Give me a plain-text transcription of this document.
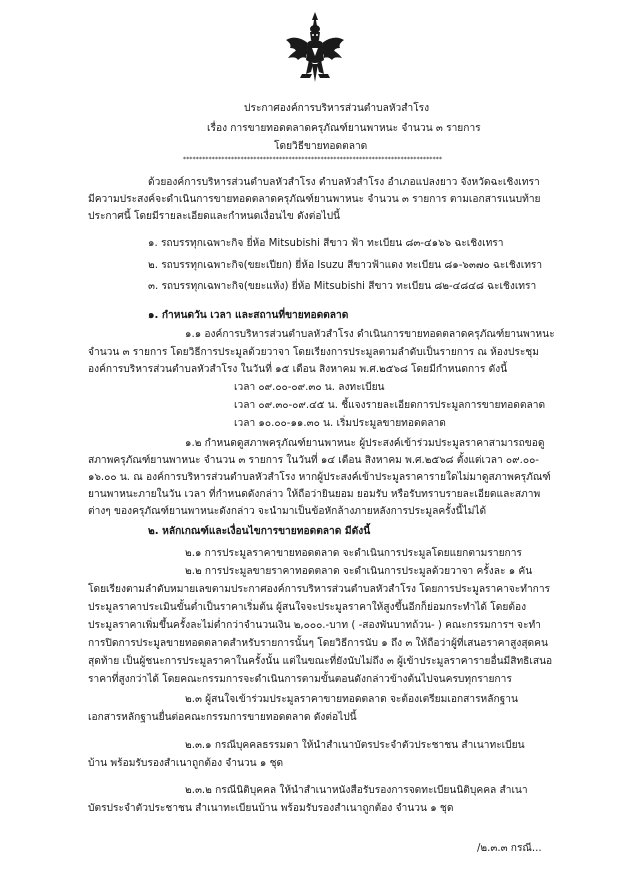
ประกาศองค์การบริหารส่วนตำบลหัวสำโรง
เรื่อง การขายทอดตลาดครุภัณฑ์ยานพาหนะ จำนวน ๓ รายการ
โดยวิธีขายทอดตลาด
*********************************************************************************
ด้วยองค์การบริหารส่วนตำบลหัวสำโรง ตำบลหัวสำโรง อำเภอแปลงยาว จังหวัดฉะเชิงเทรา
มีความประสงค์จะดำเนินการขายทอดตลาดครุภัณฑ์ยานพาหนะ จำนวน ๓ รายการ ตามเอกสารแนบท้าย
ประกาศนี้ โดยมีรายละเอียดและกำหนดเงื่อนไข ดังต่อไปนี้
๑. รถบรรทุกเฉพาะกิจ ยี่ห้อ Mitsubishi สีขาว ฟ้า ทะเบียน ๘๓-๔๑๖๖ ฉะเชิงเทรา
๒. รถบรรทุกเฉพาะกิจ(ขยะเปียก) ยี่ห้อ Isuzu สีขาวฟ้าแดง ทะเบียน ๘๑-๖๓๗๐ ฉะเชิงเทรา
๓. รถบรรทุกเฉพาะกิจ(ขยะแห้ง) ยี่ห้อ Mitsubishi สีขาว ทะเบียน ๘๒-๔๘๔๘ ฉะเชิงเทรา
๑. กำหนดวัน เวลา และสถานที่ขายทอดตลาด
๑.๑ องค์การบริหารส่วนตำบลหัวสำโรง ดำเนินการขายทอดตลาดครุภัณฑ์ยานพาหนะ
จำนวน ๓ รายการ โดยวิธีการประมูลด้วยวาจา โดยเรียงการประมูลตามลำดับเป็นรายการ ณ ห้องประชุม
องค์การบริหารส่วนตำบลหัวสำโรง ในวันที่ ๑๕ เดือน สิงหาคม พ.ศ.๒๕๖๘ โดยมีกำหนดการ ดังนี้
เวลา ๐๙.๐๐-๐๙.๓๐ น. ลงทะเบียน
เวลา ๐๙.๓๐-๐๙.๔๕ น. ชี้แจงรายละเอียดการประมูลการขายทอดตลาด
เวลา ๑๐.๐๐-๑๑.๓๐ น. เริ่มประมูลขายทอดตลาด
๑.๒ กำหนดดูสภาพครุภัณฑ์ยานพาหนะ ผู้ประสงค์เข้าร่วมประมูลราคาสามารถขอดู
สภาพครุภัณฑ์ยานพาหนะ จำนวน ๓ รายการ ในวันที่ ๑๔ เดือน สิงหาคม พ.ศ.๒๕๖๘ ตั้งแต่เวลา ๐๙.๐๐-
๑๖.๐๐ น. ณ องค์การบริหารส่วนตำบลหัวสำโรง หากผู้ประสงค์เข้าประมูลราคารายใดไม่มาดูสภาพครุภัณฑ์
ยานพาหนะภายในวัน เวลา ที่กำหนดดังกล่าว ให้ถือว่ายินยอม ยอมรับ หรือรับทราบรายละเอียดและสภาพ
ต่างๆ ของครุภัณฑ์ยานพาหนะดังกล่าว จะนำมาเป็นข้อหักล้างภายหลังการประมูลครั้งนี้ไม่ได้
๒. หลักเกณฑ์และเงื่อนไขการขายทอดตลาด มีดังนี้
๒.๑ การประมูลราคาขายทอดตลาด จะดำเนินการประมูลโดยแยกตามรายการ
๒.๒ การประมูลขายราคาทอดตลาด จะดำเนินการประมูลด้วยวาจา ครั้งละ ๑ คัน
โดยเรียงตามลำดับหมายเลขตามประกาศองค์การบริหารส่วนตำบลหัวสำโรง โดยการประมูลราคาจะทำการ
ประมูลราคาประเมินขั้นต่ำเป็นราคาเริ่มต้น ผู้สนใจจะประมูลราคาให้สูงขึ้นอีกก็ย่อมกระทำได้ โดยต้อง
ประมูลราคาเพิ่มขึ้นครั้งละไม่ต่ำกว่าจำนวนเงิน ๒,๐๐๐.-บาท ( -สองพันบาทถ้วน- ) คณะกรรมการฯ จะทำ
การปิดการประมูลขายทอดตลาดสำหรับรายการนั้นๆ โดยวิธีการนับ ๑ ถึง ๓ ให้ถือว่าผู้ที่เสนอราคาสูงสุดคน
สุดท้าย เป็นผู้ชนะการประมูลราคาในครั้งนั้น แต่ในขณะที่ยังนับไม่ถึง ๓ ผู้เข้าประมูลราคารายอื่นมีสิทธิเสนอ
ราคาที่สูงกว่าได้ โดยคณะกรรมการจะดำเนินการตามขั้นตอนดังกล่าวข้างต้นไปจนครบทุกรายการ
๒.๓ ผู้สนใจเข้าร่วมประมูลราคาขายทอดตลาด จะต้องเตรียมเอกสารหลักฐาน
เอกสารหลักฐานยื่นต่อคณะกรรมการขายทอดตลาด ดังต่อไปนี้
๒.๓.๑ กรณีบุคคลธรรมดา ให้นำสำเนาบัตรประจำตัวประชาชน สำเนาทะเบียน
บ้าน พร้อมรับรองสำเนาถูกต้อง จำนวน ๑ ชุด
๒.๓.๒ กรณีนิติบุคคล ให้นำสำเนาหนังสือรับรองการจดทะเบียนนิติบุคคล สำเนา
บัตรประจำตัวประชาชน สำเนาทะเบียนบ้าน พร้อมรับรองสำเนาถูกต้อง จำนวน ๑ ชุด
/๒.๓.๓ กรณี...
